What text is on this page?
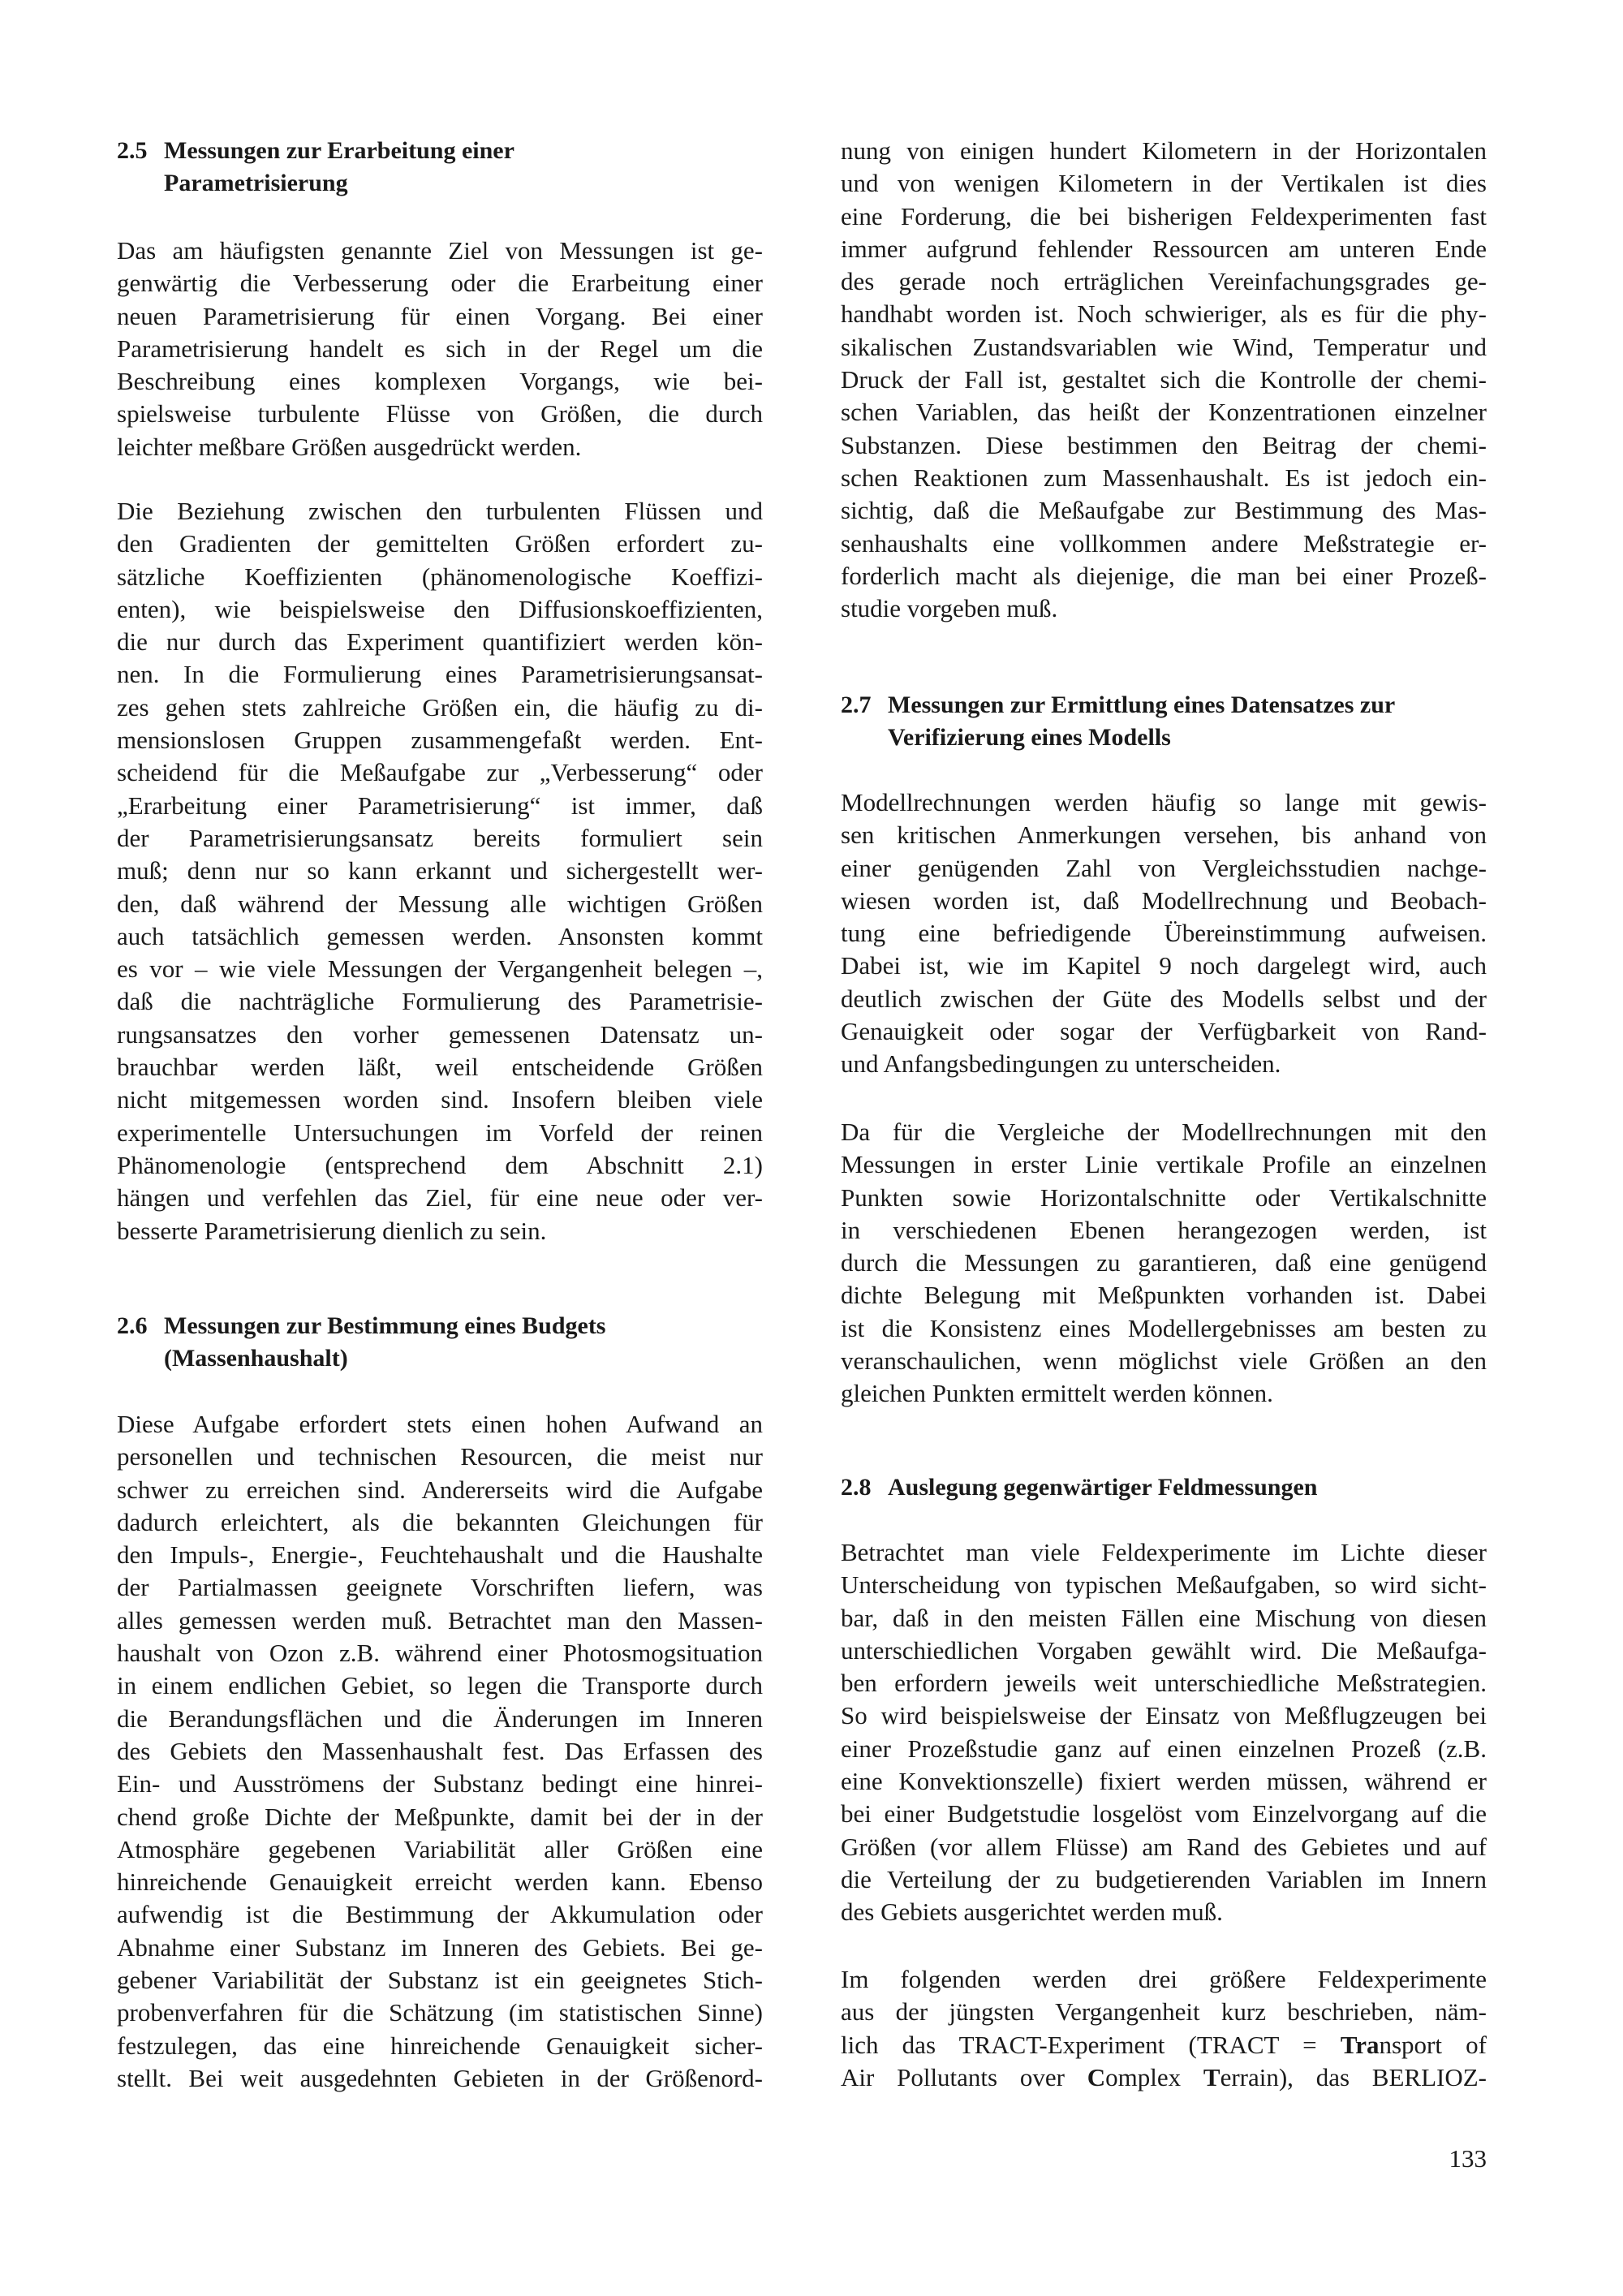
2.5 Messungen zur Erarbeitung einer
Parametrisierung
Das am häufigsten genannte Ziel von Messungen ist ge-
genwärtig die Verbesserung oder die Erarbeitung einer
neuen Parametrisierung für einen Vorgang. Bei einer
Parametrisierung handelt es sich in der Regel um die
Beschreibung eines komplexen Vorgangs, wie bei-
spielsweise turbulente Flüsse von Größen, die durch
leichter meßbare Größen ausgedrückt werden.
Die Beziehung zwischen den turbulenten Flüssen und
den Gradienten der gemittelten Größen erfordert zu-
sätzliche Koeffizienten (phänomenologische Koeffizi-
enten), wie beispielsweise den Diffusionskoeffizienten,
die nur durch das Experiment quantifiziert werden kön-
nen. In die Formulierung eines Parametrisierungsansat-
zes gehen stets zahlreiche Größen ein, die häufig zu di-
mensionslosen Gruppen zusammengefaßt werden. Ent-
scheidend für die Meßaufgabe zur „Verbesserung“ oder
„Erarbeitung einer Parametrisierung“ ist immer, daß
der Parametrisierungsansatz bereits formuliert sein
muß; denn nur so kann erkannt und sichergestellt wer-
den, daß während der Messung alle wichtigen Größen
auch tatsächlich gemessen werden. Ansonsten kommt
es vor – wie viele Messungen der Vergangenheit belegen –,
daß die nachträgliche Formulierung des Parametrisie-
rungsansatzes den vorher gemessenen Datensatz un-
brauchbar werden läßt, weil entscheidende Größen
nicht mitgemessen worden sind. Insofern bleiben viele
experimentelle Untersuchungen im Vorfeld der reinen
Phänomenologie (entsprechend dem Abschnitt 2.1)
hängen und verfehlen das Ziel, für eine neue oder ver-
besserte Parametrisierung dienlich zu sein.
2.6 Messungen zur Bestimmung eines Budgets
(Massenhaushalt)
Diese Aufgabe erfordert stets einen hohen Aufwand an
personellen und technischen Resourcen, die meist nur
schwer zu erreichen sind. Andererseits wird die Aufgabe
dadurch erleichtert, als die bekannten Gleichungen für
den Impuls-, Energie-, Feuchtehaushalt und die Haushalte
der Partialmassen geeignete Vorschriften liefern, was
alles gemessen werden muß. Betrachtet man den Massen-
haushalt von Ozon z.B. während einer Photosmogsituation
in einem endlichen Gebiet, so legen die Transporte durch
die Berandungsflächen und die Änderungen im Inneren
des Gebiets den Massenhaushalt fest. Das Erfassen des
Ein- und Ausströmens der Substanz bedingt eine hinrei-
chend große Dichte der Meßpunkte, damit bei der in der
Atmosphäre gegebenen Variabilität aller Größen eine
hinreichende Genauigkeit erreicht werden kann. Ebenso
aufwendig ist die Bestimmung der Akkumulation oder
Abnahme einer Substanz im Inneren des Gebiets. Bei ge-
gebener Variabilität der Substanz ist ein geeignetes Stich-
probenverfahren für die Schätzung (im statistischen Sinne)
festzulegen, das eine hinreichende Genauigkeit sicher-
stellt. Bei weit ausgedehnten Gebieten in der Größenord-
nung von einigen hundert Kilometern in der Horizontalen
und von wenigen Kilometern in der Vertikalen ist dies
eine Forderung, die bei bisherigen Feldexperimenten fast
immer aufgrund fehlender Ressourcen am unteren Ende
des gerade noch erträglichen Vereinfachungsgrades ge-
handhabt worden ist. Noch schwieriger, als es für die phy-
sikalischen Zustandsvariablen wie Wind, Temperatur und
Druck der Fall ist, gestaltet sich die Kontrolle der chemi-
schen Variablen, das heißt der Konzentrationen einzelner
Substanzen. Diese bestimmen den Beitrag der chemi-
schen Reaktionen zum Massenhaushalt. Es ist jedoch ein-
sichtig, daß die Meßaufgabe zur Bestimmung des Mas-
senhaushalts eine vollkommen andere Meßstrategie er-
forderlich macht als diejenige, die man bei einer Prozeß-
studie vorgeben muß.
2.7 Messungen zur Ermittlung eines Datensatzes zur
Verifizierung eines Modells
Modellrechnungen werden häufig so lange mit gewis-
sen kritischen Anmerkungen versehen, bis anhand von
einer genügenden Zahl von Vergleichsstudien nachge-
wiesen worden ist, daß Modellrechnung und Beobach-
tung eine befriedigende Übereinstimmung aufweisen.
Dabei ist, wie im Kapitel 9 noch dargelegt wird, auch
deutlich zwischen der Güte des Modells selbst und der
Genauigkeit oder sogar der Verfügbarkeit von Rand-
und Anfangsbedingungen zu unterscheiden.
Da für die Vergleiche der Modellrechnungen mit den
Messungen in erster Linie vertikale Profile an einzelnen
Punkten sowie Horizontalschnitte oder Vertikalschnitte
in verschiedenen Ebenen herangezogen werden, ist
durch die Messungen zu garantieren, daß eine genügend
dichte Belegung mit Meßpunkten vorhanden ist. Dabei
ist die Konsistenz eines Modellergebnisses am besten zu
veranschaulichen, wenn möglichst viele Größen an den
gleichen Punkten ermittelt werden können.
2.8 Auslegung gegenwärtiger Feldmessungen
Betrachtet man viele Feldexperimente im Lichte dieser
Unterscheidung von typischen Meßaufgaben, so wird sicht-
bar, daß in den meisten Fällen eine Mischung von diesen
unterschiedlichen Vorgaben gewählt wird. Die Meßaufga-
ben erfordern jeweils weit unterschiedliche Meßstrategien.
So wird beispielsweise der Einsatz von Meßflugzeugen bei
einer Prozeßstudie ganz auf einen einzelnen Prozeß (z.B.
eine Konvektionszelle) fixiert werden müssen, während er
bei einer Budgetstudie losgelöst vom Einzelvorgang auf die
Größen (vor allem Flüsse) am Rand des Gebietes und auf
die Verteilung der zu budgetierenden Variablen im Innern
des Gebiets ausgerichtet werden muß.
Im folgenden werden drei größere Feldexperimente
aus der jüngsten Vergangenheit kurz beschrieben, näm-
lich das TRACT-Experiment (TRACT = Transport of
Air Pollutants over Complex Terrain), das BERLIOZ-
133
